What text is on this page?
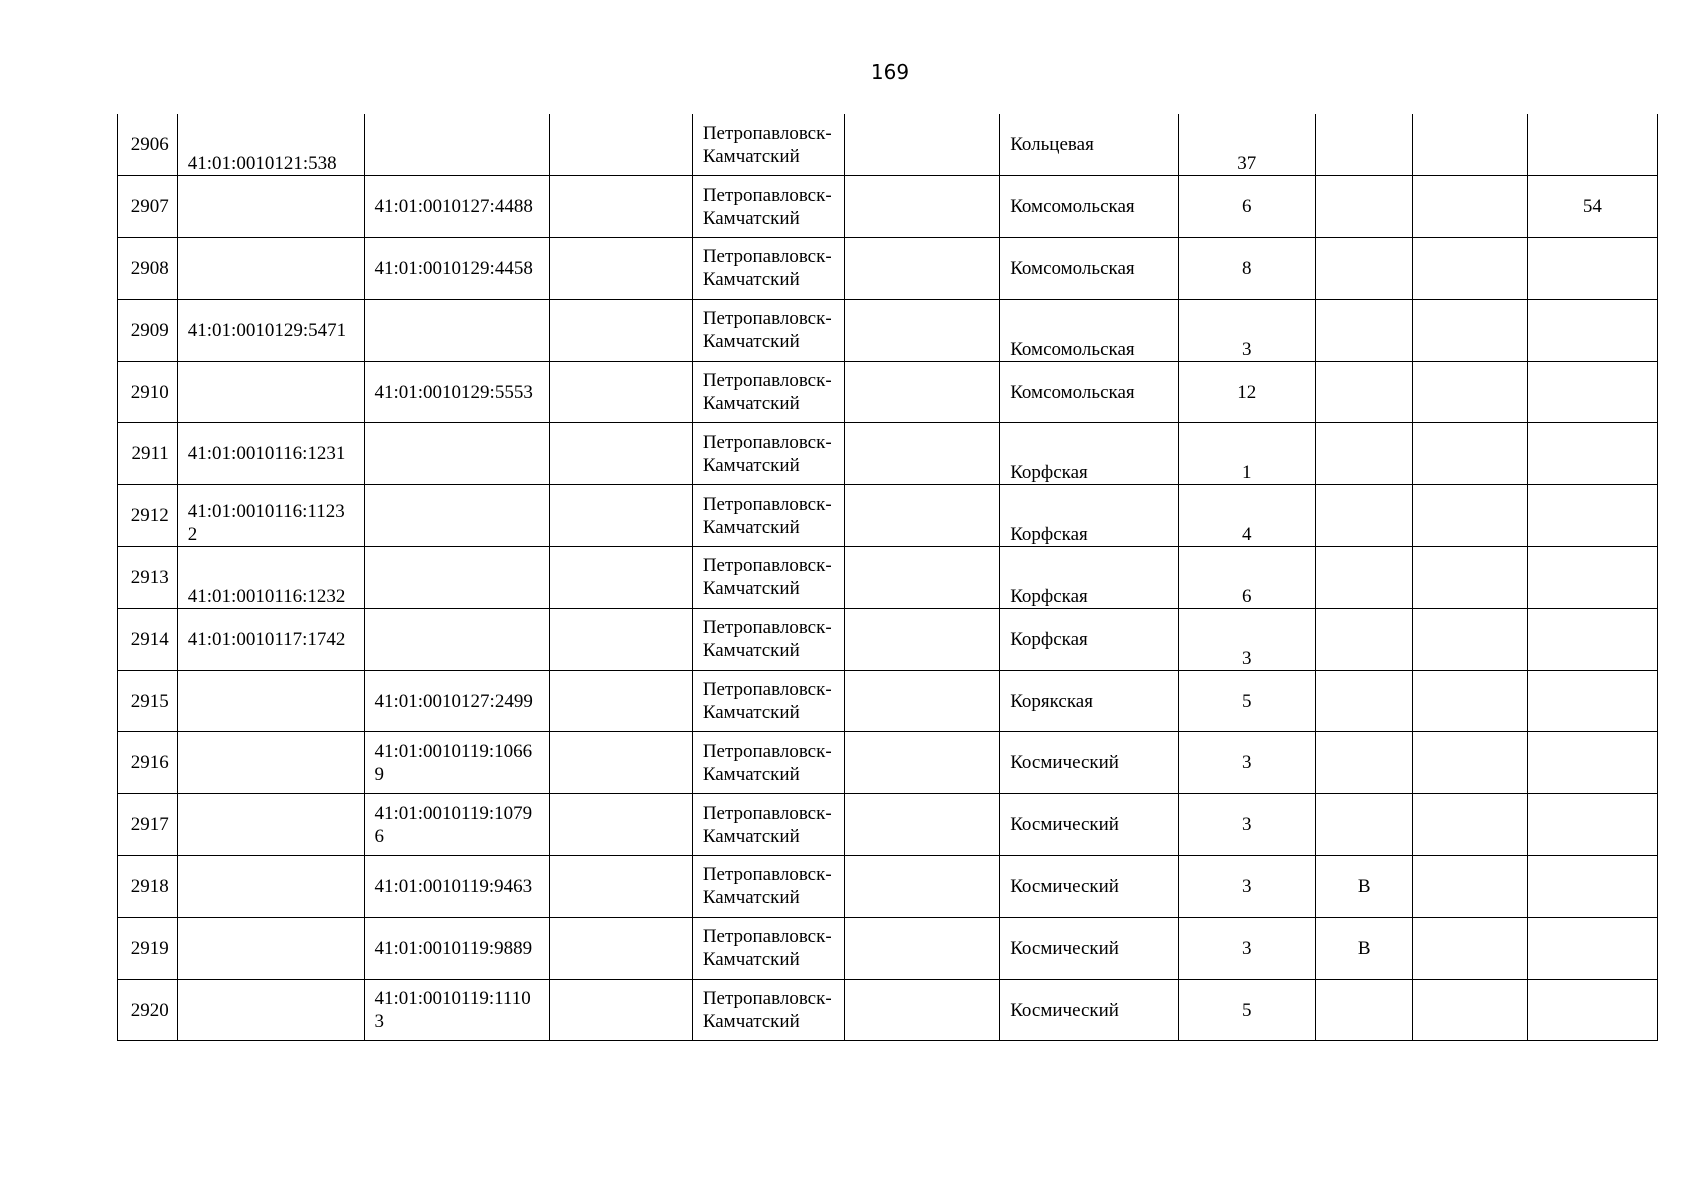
169
2906	41:01:0010121:538			Петропавловск-Камчатский		Кольцевая	37			
2907		41:01:0010127:4488		Петропавловск-Камчатский		Комсомольская	6			54
2908		41:01:0010129:4458		Петропавловск-Камчатский		Комсомольская	8			
2909	41:01:0010129:5471			Петропавловск-Камчатский		Комсомольская	3			
2910		41:01:0010129:5553		Петропавловск-Камчатский		Комсомольская	12			
2911	41:01:0010116:1231			Петропавловск-Камчатский		Корфская	1			
2912	41:01:0010116:11232			Петропавловск-Камчатский		Корфская	4			
2913	41:01:0010116:1232			Петропавловск-Камчатский		Корфская	6			
2914	41:01:0010117:1742			Петропавловск-Камчатский		Корфская	3			
2915		41:01:0010127:2499		Петропавловск-Камчатский		Корякская	5			
2916		41:01:0010119:10669		Петропавловск-Камчатский		Космический	3			
2917		41:01:0010119:10796		Петропавловск-Камчатский		Космический	3			
2918		41:01:0010119:9463		Петропавловск-Камчатский		Космический	3	В		
2919		41:01:0010119:9889		Петропавловск-Камчатский		Космический	3	В		
2920		41:01:0010119:11103		Петропавловск-Камчатский		Космический	5			
